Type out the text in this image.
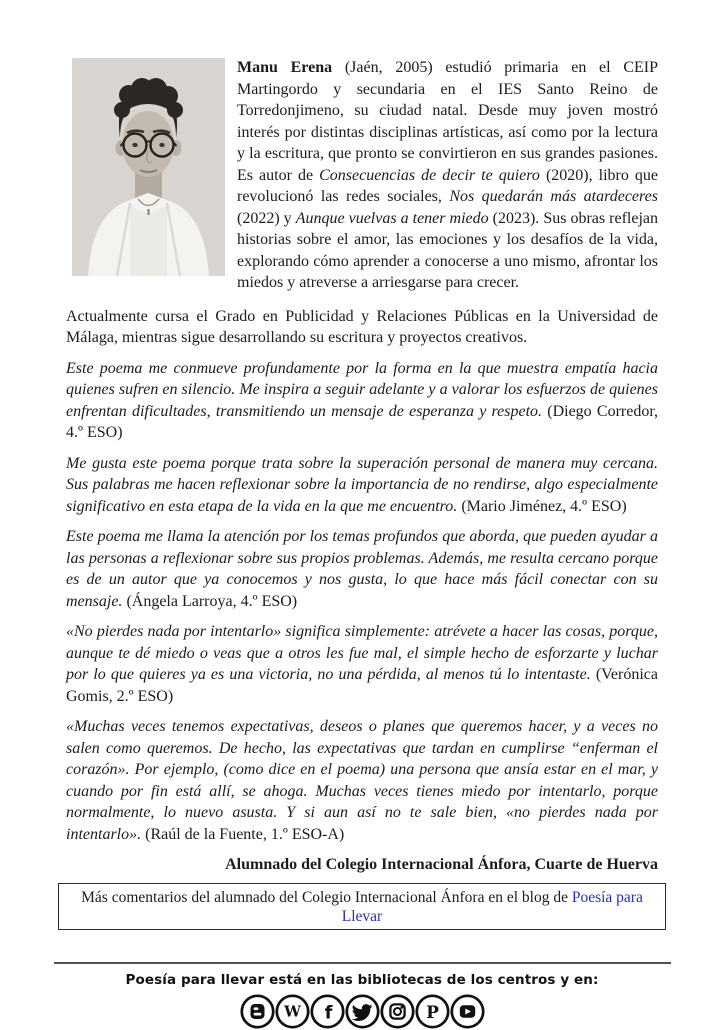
Manu Erena (Jaén, 2005) estudió primaria en el CEIP Martingordo y secundaria en el IES Santo Reino de Torredonjimeno, su ciudad natal. Desde muy joven mostró interés por distintas disciplinas artísticas, así como por la lectura y la escritura, que pronto se convirtieron en sus grandes pasiones. Es autor de Consecuencias de decir te quiero (2020), libro que revolucionó las redes sociales, Nos quedarán más atardeceres (2022) y Aunque vuelvas a tener miedo (2023). Sus obras reflejan historias sobre el amor, las emociones y los desafíos de la vida, explorando cómo aprender a conocerse a uno mismo, afrontar los miedos y atreverse a arriesgarse para crecer.

Actualmente cursa el Grado en Publicidad y Relaciones Públicas en la Universidad de Málaga, mientras sigue desarrollando su escritura y proyectos creativos.

Este poema me conmueve profundamente por la forma en la que muestra empatía hacia quienes sufren en silencio. Me inspira a seguir adelante y a valorar los esfuerzos de quienes enfrentan dificultades, transmitiendo un mensaje de esperanza y respeto. (Diego Corredor, 4.º ESO)

Me gusta este poema porque trata sobre la superación personal de manera muy cercana. Sus palabras me hacen reflexionar sobre la importancia de no rendirse, algo especialmente significativo en esta etapa de la vida en la que me encuentro. (Mario Jiménez, 4.º ESO)

Este poema me llama la atención por los temas profundos que aborda, que pueden ayudar a las personas a reflexionar sobre sus propios problemas. Además, me resulta cercano porque es de un autor que ya conocemos y nos gusta, lo que hace más fácil conectar con su mensaje. (Ángela Larroya, 4.º ESO)

«No pierdes nada por intentarlo» significa simplemente: atrévete a hacer las cosas, porque, aunque te dé miedo o veas que a otros les fue mal, el simple hecho de esforzarte y luchar por lo que quieres ya es una victoria, no una pérdida, al menos tú lo intentaste. (Verónica Gomis, 2.º ESO)

«Muchas veces tenemos expectativas, deseos o planes que queremos hacer, y a veces no salen como queremos. De hecho, las expectativas que tardan en cumplirse “enferman el corazón». Por ejemplo, (como dice en el poema) una persona que ansía estar en el mar, y cuando por fin está allí, se ahoga. Muchas veces tienes miedo por intentarlo, porque normalmente, lo nuevo asusta. Y si aun así no te sale bien, «no pierdes nada por intentarlo». (Raúl de la Fuente, 1.º ESO-A)

Alumnado del Colegio Internacional Ánfora, Cuarte de Huerva

Más comentarios del alumnado del Colegio Internacional Ánfora en el blog de Poesía para Llevar
Poesía para llevar está en las bibliotecas de los centros y en:
W f	P
